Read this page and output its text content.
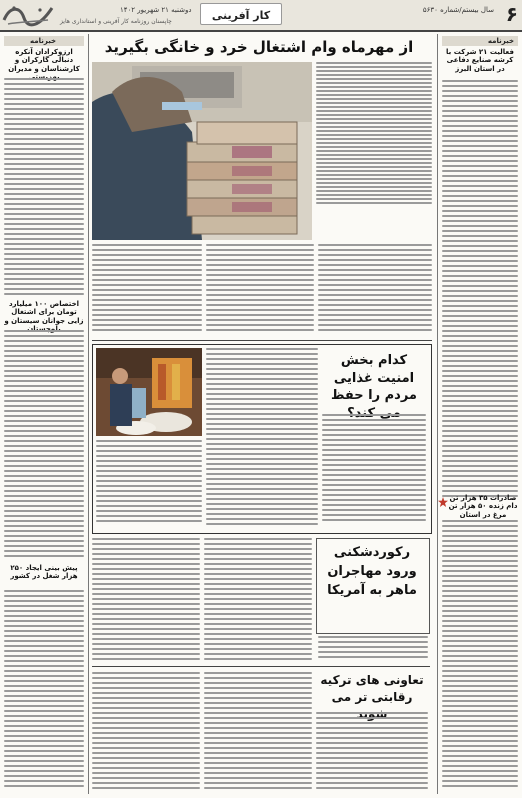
۶
سال بیستم/شماره ۵۶۳۰
کار آفرینی
دوشنبه ۲۱ شهریور ۱۴۰۲
چاپسنان روزنامه کار آفرینی و استانداری هایز
خبرنامه
فعالیت ۲۱ شرکت با کرشه صنایع دفاعی در استان البرز
صادرات ۳۵ هزار تن دام زنده ۵۰ هزار تن مرغ در استان
خبرنامه
ارزوکرادان آنکره دنبالی گارکران و کارشناسان و مدیران
اختصاص ۱۰۰ میلیارد تومان برای اشتغال زایی جوانان سیستان و
پیش بینی ایجاد ۲۵۰ هزار شغل در کشور
از مهرماه وام اشتغال خرد و خانگی بگیرید
کدام بخش امنیت غذایی مردم را حفظ
رکوردشکنی ورود مهاجران ماهر به آمریکا
تعاونی های ترکیه رقابتی تر می
